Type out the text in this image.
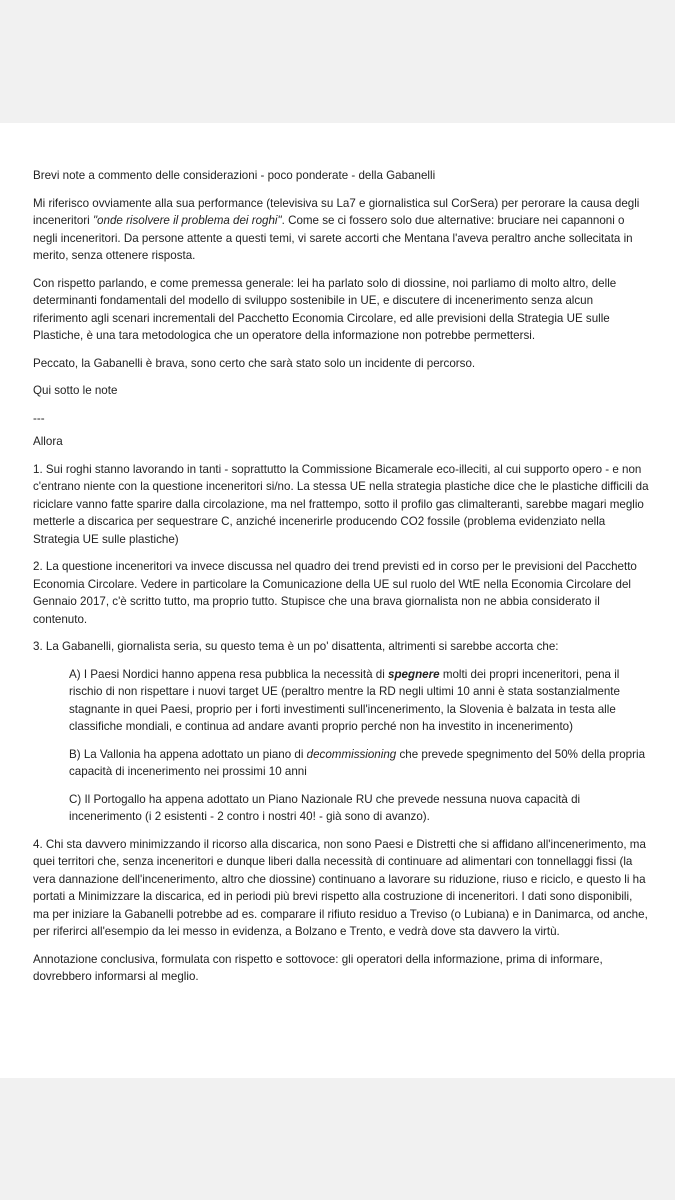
Brevi note a commento delle considerazioni - poco ponderate - della Gabanelli

Mi riferisco ovviamente alla sua performance (televisiva su La7 e giornalistica sul CorSera) per perorare la causa degli inceneritori "onde risolvere il problema dei roghi". Come se ci fossero solo due alternative: bruciare nei capannoni o negli inceneritori. Da persone attente a questi temi, vi sarete accorti che Mentana l'aveva peraltro anche sollecitata in merito, senza ottenere risposta.

Con rispetto parlando, e come premessa generale: lei ha parlato solo di diossine, noi parliamo di molto altro, delle determinanti fondamentali del modello di sviluppo sostenibile in UE, e discutere di incenerimento senza alcun riferimento agli scenari incrementali del Pacchetto Economia Circolare, ed alle previsioni della Strategia UE sulle Plastiche, è una tara metodologica che un operatore della informazione non potrebbe permettersi.

Peccato, la Gabanelli è brava, sono certo che sarà stato solo un incidente di percorso.

Qui sotto le note

---

Allora

1. Sui roghi stanno lavorando in tanti - soprattutto la Commissione Bicamerale eco-illeciti, al cui supporto opero - e non c'entrano niente con la questione inceneritori si/no. La stessa UE nella strategia plastiche dice che le plastiche difficili da riciclare vanno fatte sparire dalla circolazione, ma nel frattempo, sotto il profilo gas climalteranti, sarebbe magari meglio metterle a discarica per sequestrare C, anziché incenerirle producendo CO2 fossile (problema evidenziato nella Strategia UE sulle plastiche)

2. La questione inceneritori va invece discussa nel quadro dei trend previsti ed in corso per le previsioni del Pacchetto Economia Circolare. Vedere in particolare la Comunicazione della UE sul ruolo del WtE nella Economia Circolare del Gennaio 2017, c'è scritto tutto, ma proprio tutto. Stupisce che una brava giornalista non ne abbia considerato il contenuto.

3. La Gabanelli, giornalista seria, su questo tema è un po' disattenta, altrimenti si sarebbe accorta che:

A) I Paesi Nordici hanno appena resa pubblica la necessità di spegnere molti dei propri inceneritori, pena il rischio di non rispettare i nuovi target UE (peraltro mentre la RD negli ultimi 10 anni è stata sostanzialmente stagnante in quei Paesi, proprio per i forti investimenti sull'incenerimento, la Slovenia è balzata in testa alle classifiche mondiali, e continua ad andare avanti proprio perché non ha investito in incenerimento)

B) La Vallonia ha appena adottato un piano di decommissioning che prevede spegnimento del 50% della propria capacità di incenerimento nei prossimi 10 anni

C) Il Portogallo ha appena adottato un Piano Nazionale RU che prevede nessuna nuova capacità di incenerimento (i 2 esistenti - 2 contro i nostri 40! - già sono di avanzo).

4. Chi sta davvero minimizzando il ricorso alla discarica, non sono Paesi e Distretti che si affidano all'incenerimento, ma quei territori che, senza inceneritori e dunque liberi dalla necessità di continuare ad alimentari con tonnellaggi fissi (la vera dannazione dell'incenerimento, altro che diossine) continuano a lavorare su riduzione, riuso e riciclo, e questo li ha portati a Minimizzare la discarica, ed in periodi più brevi rispetto alla costruzione di inceneritori. I dati sono disponibili, ma per iniziare la Gabanelli potrebbe ad es. comparare il rifiuto residuo a Treviso (o Lubiana) e in Danimarca, od anche, per riferirci all'esempio da lei messo in evidenza, a Bolzano e Trento, e vedrà dove sta davvero la virtù.

Annotazione conclusiva, formulata con rispetto e sottovoce: gli operatori della informazione, prima di informare, dovrebbero informarsi al meglio.
